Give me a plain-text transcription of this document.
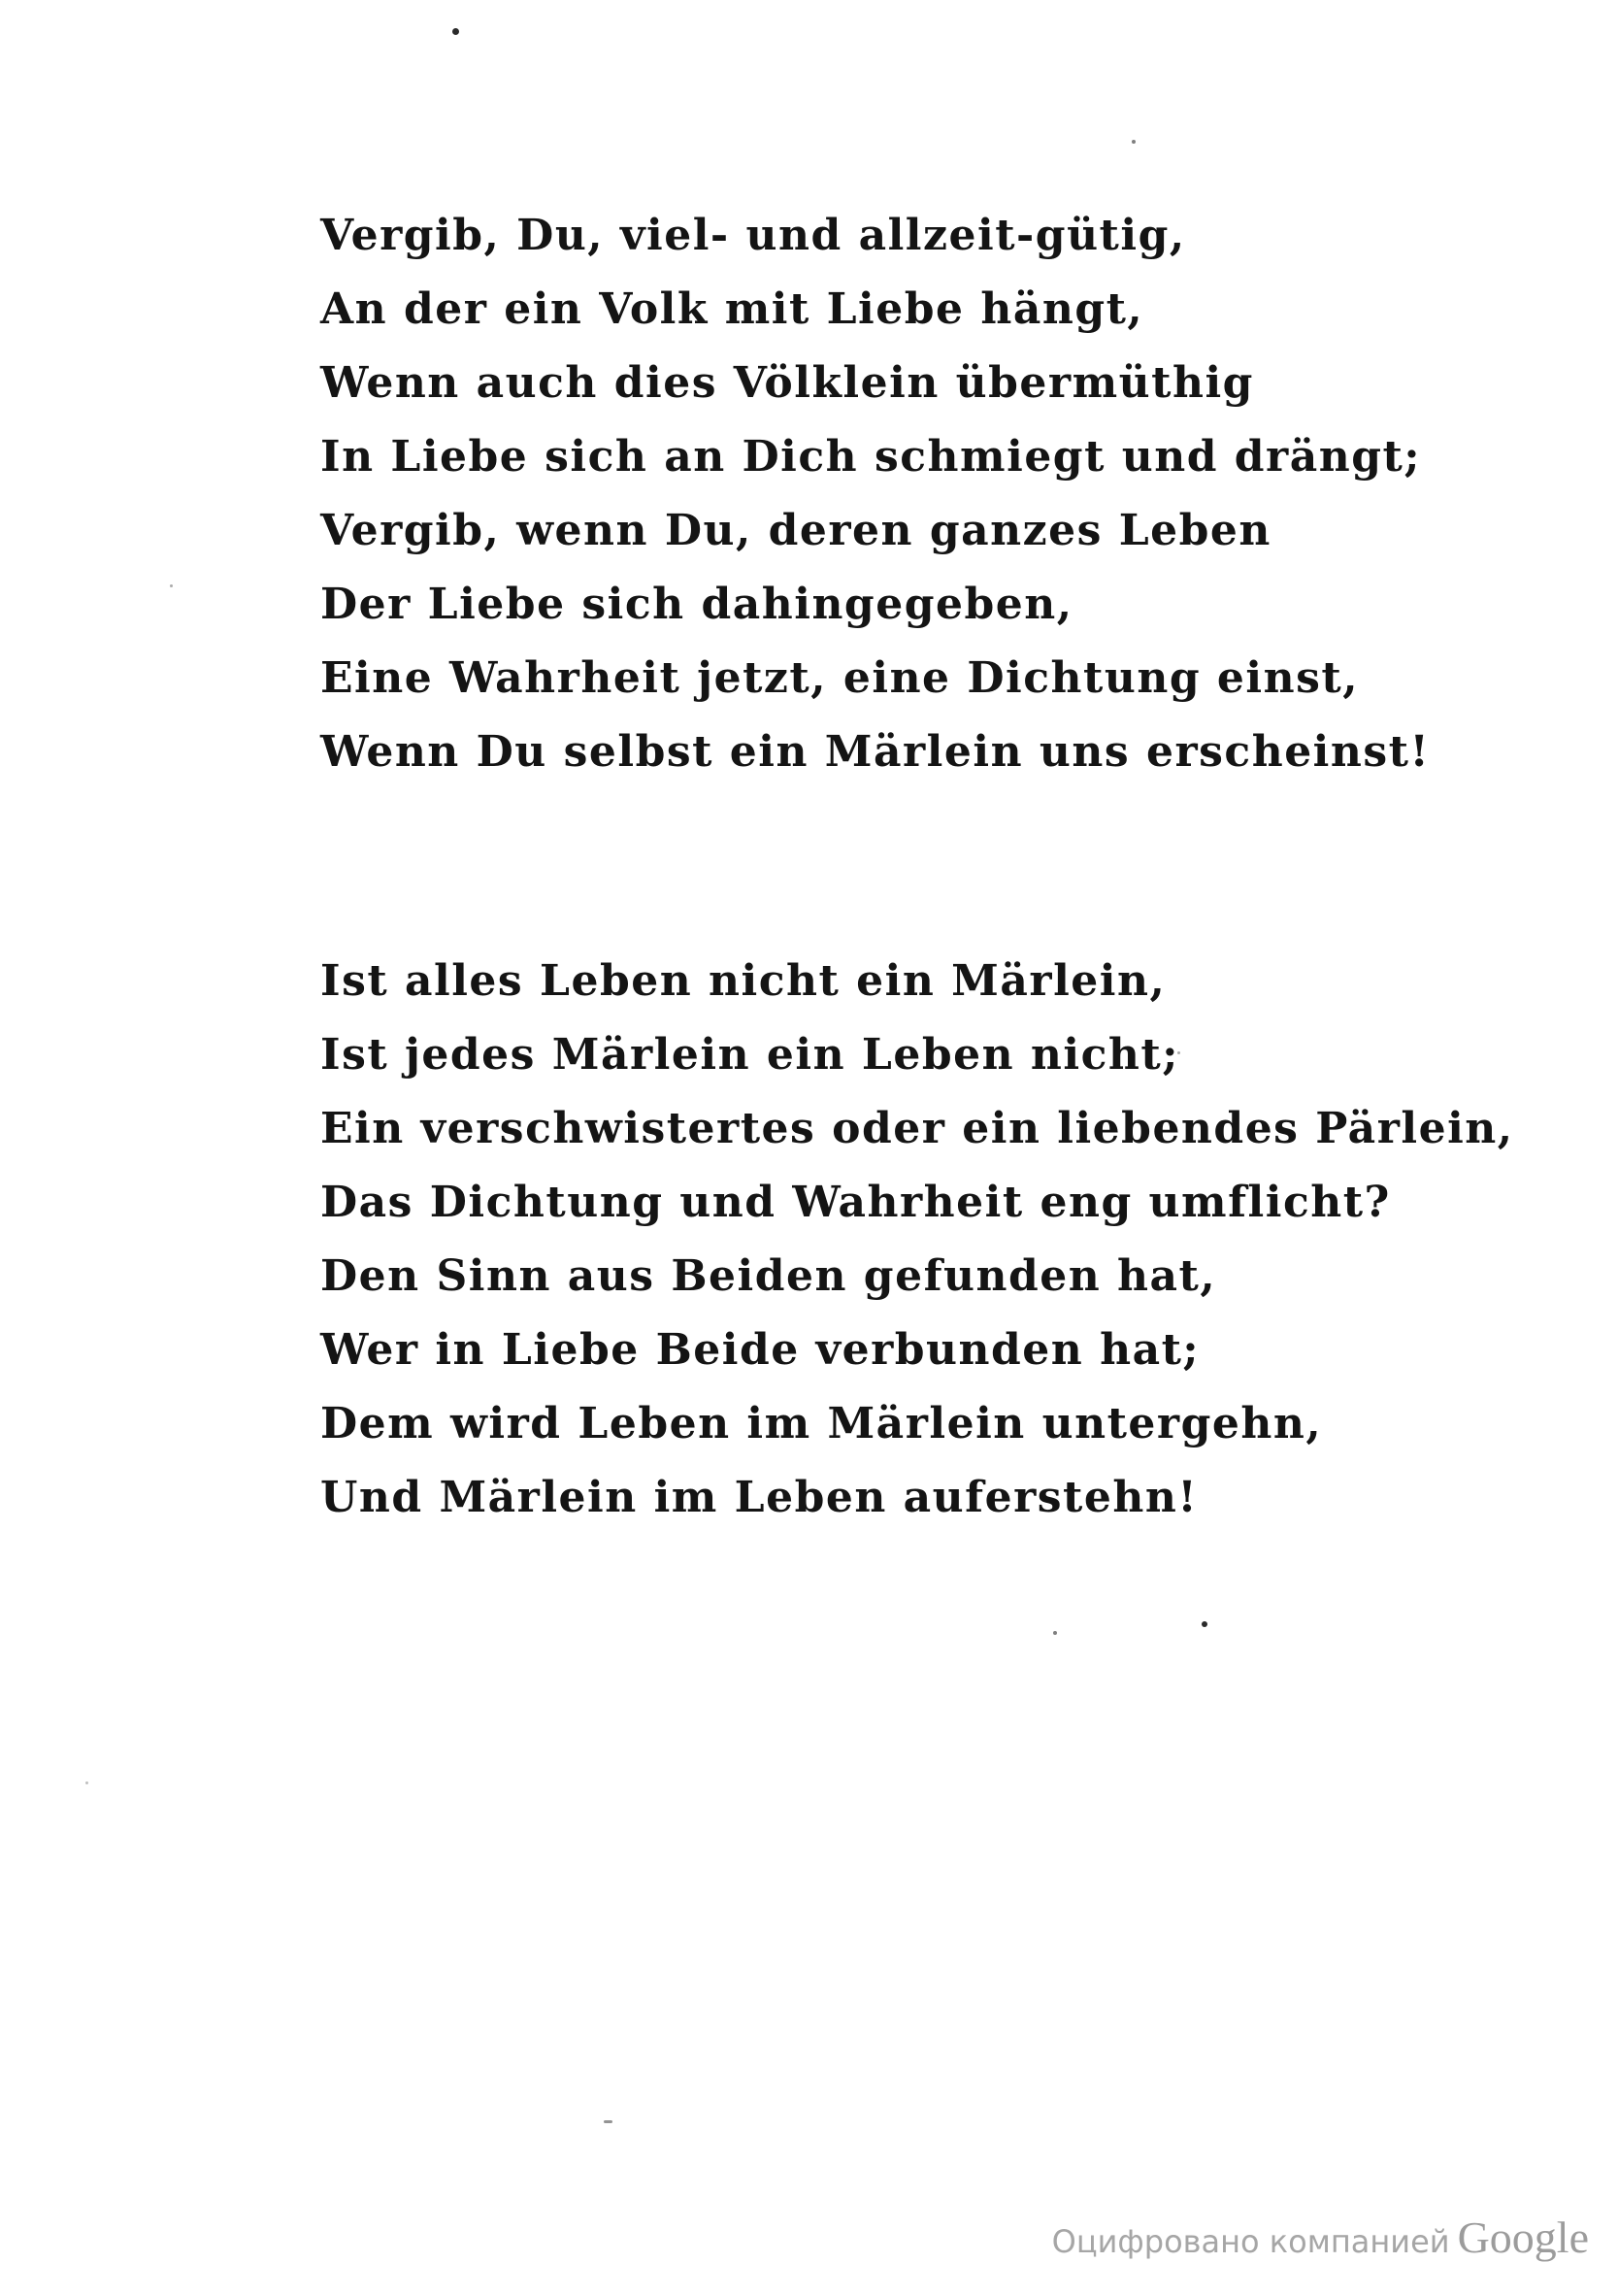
Vergib, Du, viel- und allzeit-gütig,
An der ein Volk mit Liebe hängt,
Wenn auch dies Völklein übermüthig
In Liebe sich an Dich schmiegt und drängt;
Vergib, wenn Du, deren ganzes Leben
Der Liebe sich dahingegeben,
Eine Wahrheit jetzt, eine Dichtung einst,
Wenn Du selbst ein Märlein uns erscheinst!
Ist alles Leben nicht ein Märlein,
Ist jedes Märlein ein Leben nicht;
Ein verschwistertes oder ein liebendes Pärlein,
Das Dichtung und Wahrheit eng umflicht?
Den Sinn aus Beiden gefunden hat,
Wer in Liebe Beide verbunden hat;
Dem wird Leben im Märlein untergehn,
Und Märlein im Leben auferstehn!
Оцифровано компанией Google
